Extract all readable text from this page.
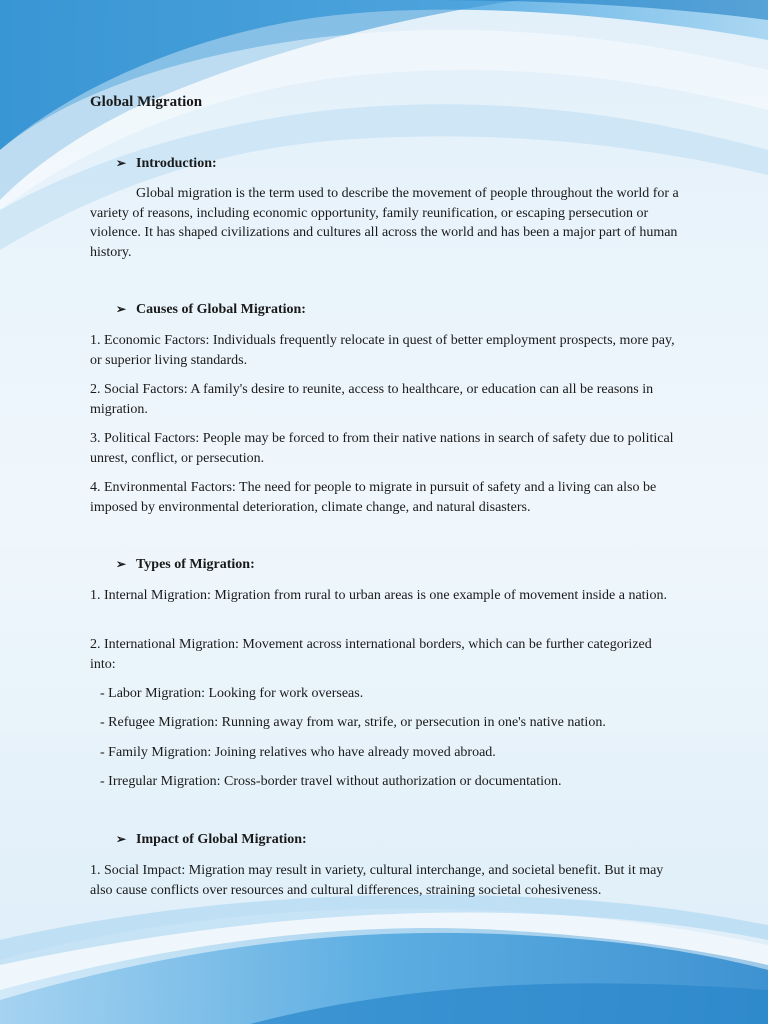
Global Migration
➢ Introduction:

Global migration is the term used to describe the movement of people throughout the world for a variety of reasons, including economic opportunity, family reunification, or escaping persecution or violence. It has shaped civilizations and cultures all across the world and has been a major part of human history.

➢ Causes of Global Migration:

1. Economic Factors: Individuals frequently relocate in quest of better employment prospects, more pay, or superior living standards.

2. Social Factors: A family's desire to reunite, access to healthcare, or education can all be reasons in migration.

3. Political Factors: People may be forced to from their native nations in search of safety due to political unrest, conflict, or persecution.

4. Environmental Factors: The need for people to migrate in pursuit of safety and a living can also be imposed by environmental deterioration, climate change, and natural disasters.

➢ Types of Migration:

1. Internal Migration: Migration from rural to urban areas is one example of movement inside a nation.

2. International Migration: Movement across international borders, which can be further categorized into:

- Labor Migration: Looking for work overseas.

- Refugee Migration: Running away from war, strife, or persecution in one's native nation.

- Family Migration: Joining relatives who have already moved abroad.

- Irregular Migration: Cross-border travel without authorization or documentation.

➢ Impact of Global Migration:

1. Social Impact: Migration may result in variety, cultural interchange, and societal benefit. But it may also cause conflicts over resources and cultural differences, straining societal cohesiveness.
